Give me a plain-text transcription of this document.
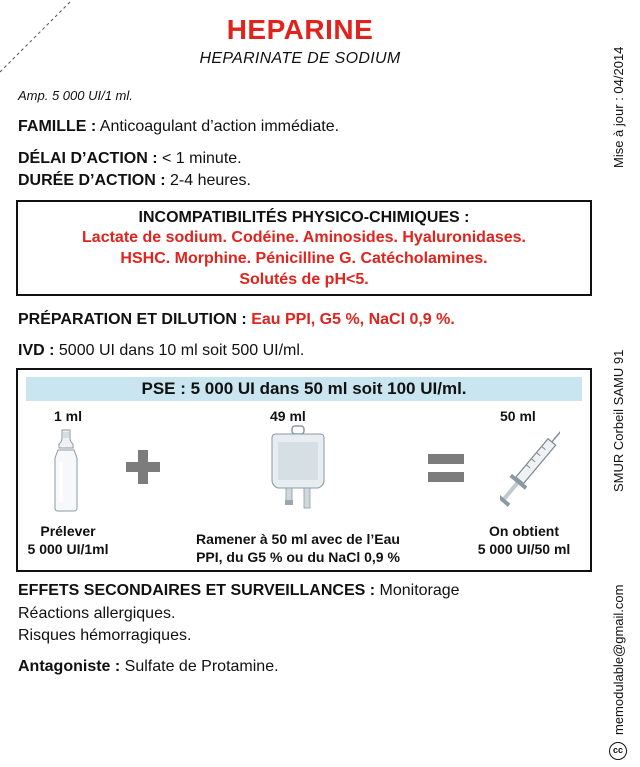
HEPARINE
HEPARINATE DE SODIUM
Amp. 5 000 UI/1 ml.
FAMILLE : Anticoagulant d’action immédiate.
DÉLAI D’ACTION : < 1 minute.
DURÉE D’ACTION : 2-4 heures.
INCOMPATIBILITÉS PHYSICO-CHIMIQUES :
Lactate de sodium. Codéine. Aminosides. Hyaluronidases.
HSHC. Morphine. Pénicilline G. Catécholamines.
Solutés de pH<5.
PRÉPARATION ET DILUTION : Eau PPI, G5 %, NaCl 0,9 %.
IVD : 5000 UI dans 10 ml soit 500 UI/ml.
PSE : 5 000 UI dans 50 ml soit 100 UI/ml.
1 ml	49 ml	50 ml
Prélever
5 000 UI/1ml
Ramener à 50 ml avec de l’Eau
PPI, du G5 % ou du NaCl 0,9 %
On obtient
5 000 UI/50 ml
EFFETS SECONDAIRES ET SURVEILLANCES : Monitorage
Réactions allergiques.
Risques hémorragiques.
Antagoniste : Sulfate de Protamine.
Mise à jour : 04/2014
SMUR Corbeil SAMU 91
memodulable@gmail.com
cc
